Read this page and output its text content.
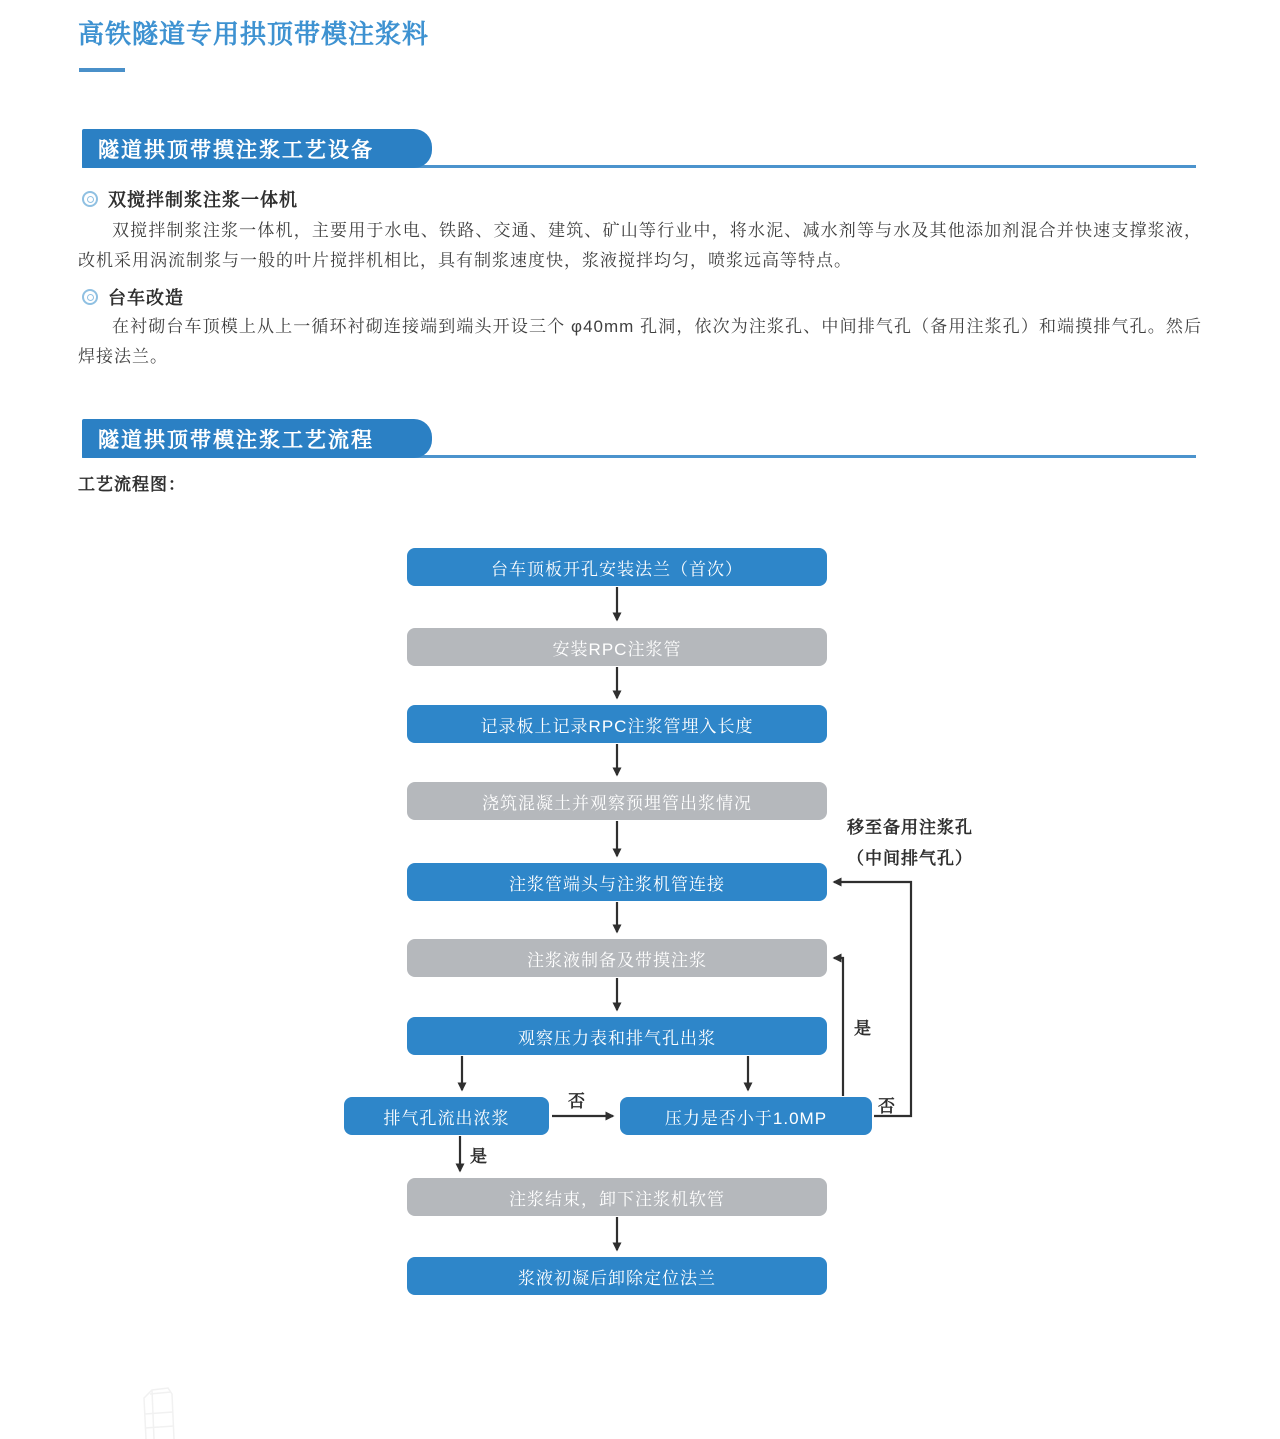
高铁隧道专用拱顶带模注浆料
隧道拱顶带摸注浆工艺设备
双搅拌制浆注浆一体机
双搅拌制浆注浆一体机，主要用于水电、铁路、交通、建筑、矿山等行业中，将水泥、减水剂等与水及其他添加剂混合并快速支撑浆液，改机采用涡流制浆与一般的叶片搅拌机相比，具有制浆速度快，浆液搅拌均匀，喷浆远高等特点。
台车改造
在衬砌台车顶模上从上一循环衬砌连接端到端头开设三个 φ40mm 孔洞，依次为注浆孔、中间排气孔（备用注浆孔）和端摸排气孔。然后焊接法兰。
隧道拱顶带模注浆工艺流程
工艺流程图：
台车顶板开孔安装法兰（首次）
安装RPC注浆管
记录板上记录RPC注浆管埋入长度
浇筑混凝土并观察预埋管出浆情况
注浆管端头与注浆机管连接
注浆液制备及带摸注浆
观察压力表和排气孔出浆
排气孔流出浓浆	压力是否小于1.0MP
注浆结束，卸下注浆机软管
浆液初凝后卸除定位法兰
是
否
是
否
移至备用注浆孔
（中间排气孔）
